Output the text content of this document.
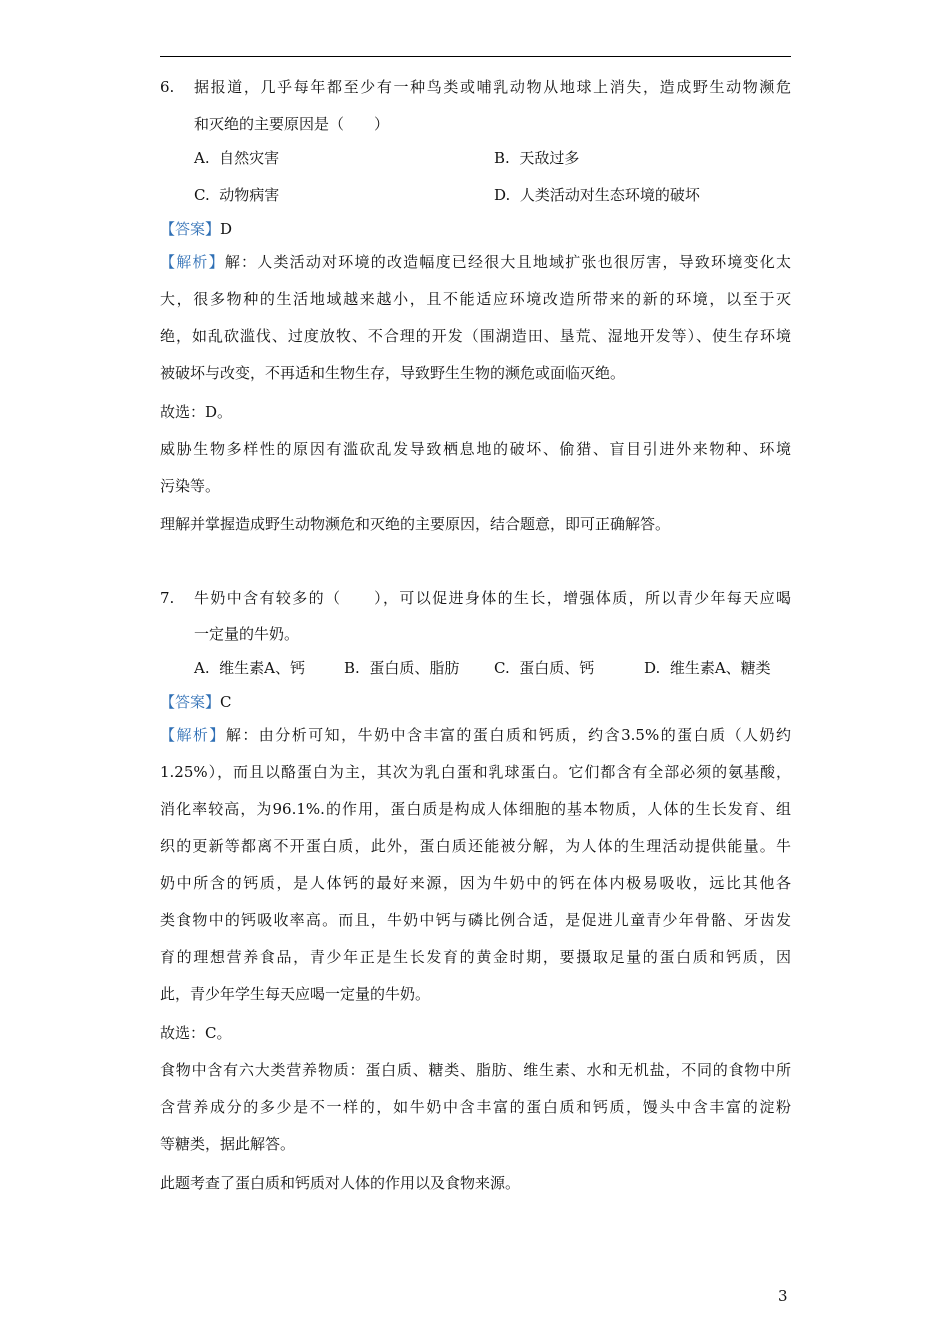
6. 据报道，几乎每年都至少有一种鸟类或哺乳动物从地球上消失，造成野生动物濒危
和灭绝的主要原因是（　　）
A. 自然灾害	B. 天敌过多
C. 动物病害	D. 人类活动对生态环境的破坏
【答案】D
【解析】解：人类活动对环境的改造幅度已经很大且地域扩张也很厉害，导致环境变化太
大，很多物种的生活地域越来越小，且不能适应环境改造所带来的新的环境，以至于灭
绝，如乱砍滥伐、过度放牧、不合理的开发（围湖造田、垦荒、湿地开发等）、使生存环境
被破坏与改变，不再适和生物生存，导致野生生物的濒危或面临灭绝。
故选：D。
威胁生物多样性的原因有滥砍乱发导致栖息地的破坏、偷猎、盲目引进外来物种、环境
污染等。
理解并掌握造成野生动物濒危和灭绝的主要原因，结合题意，即可正确解答。
7. 牛奶中含有较多的（　　），可以促进身体的生长，增强体质，所以青少年每天应喝
一定量的牛奶。
A. 维生素A、钙	B. 蛋白质、脂肪 C. 蛋白质、钙	D. 维生素A、糖类
【答案】C
【解析】解：由分析可知，牛奶中含丰富的蛋白质和钙质，约含3.5%的蛋白质（人奶约
1.25%），而且以酪蛋白为主，其次为乳白蛋和乳球蛋白。它们都含有全部必须的氨基酸，
消化率较高，为96.1%.的作用，蛋白质是构成人体细胞的基本物质，人体的生长发育、组
织的更新等都离不开蛋白质，此外，蛋白质还能被分解，为人体的生理活动提供能量。牛
奶中所含的钙质，是人体钙的最好来源，因为牛奶中的钙在体内极易吸收，远比其他各
类食物中的钙吸收率高。而且，牛奶中钙与磷比例合适，是促进儿童青少年骨骼、牙齿发
育的理想营养食品，青少年正是生长发育的黄金时期，要摄取足量的蛋白质和钙质，因
此，青少年学生每天应喝一定量的牛奶。
故选：C。
食物中含有六大类营养物质：蛋白质、糖类、脂肪、维生素、水和无机盐，不同的食物中所
含营养成分的多少是不一样的，如牛奶中含丰富的蛋白质和钙质，馒头中含丰富的淀粉
等糖类，据此解答。
此题考查了蛋白质和钙质对人体的作用以及食物来源。
3
